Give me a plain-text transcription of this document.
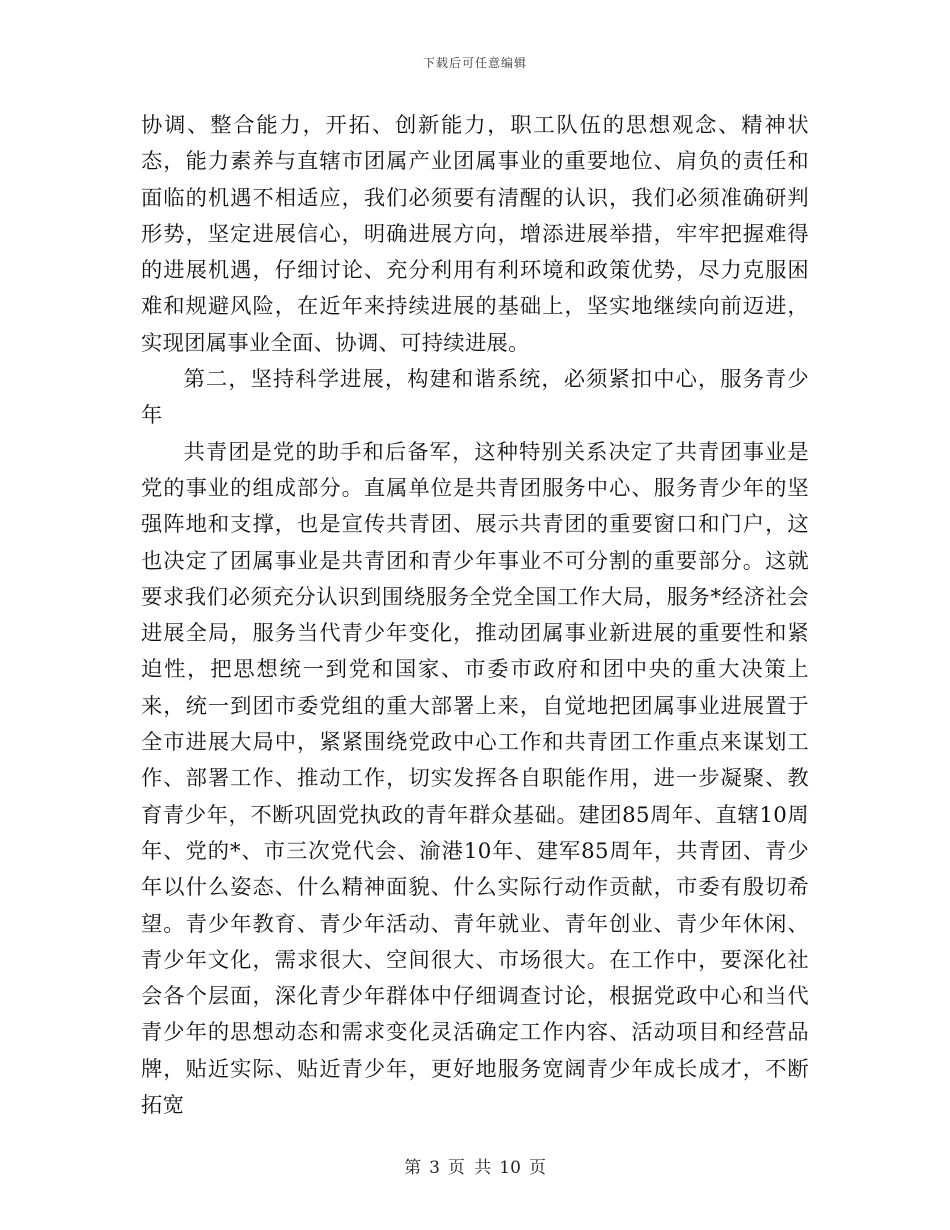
下载后可任意编辑

协调、整合能力，开拓、创新能力，职工队伍的思想观念、精神状态，能力素养与直辖市团属产业团属事业的重要地位、肩负的责任和面临的机遇不相适应，我们必须要有清醒的认识，我们必须准确研判形势，坚定进展信心，明确进展方向，增添进展举措，牢牢把握难得的进展机遇，仔细讨论、充分利用有利环境和政策优势，尽力克服困难和规避风险，在近年来持续进展的基础上，坚实地继续向前迈进，实现团属事业全面、协调、可持续进展。

第二，坚持科学进展，构建和谐系统，必须紧扣中心，服务青少年

共青团是党的助手和后备军，这种特别关系决定了共青团事业是党的事业的组成部分。直属单位是共青团服务中心、服务青少年的坚强阵地和支撑，也是宣传共青团、展示共青团的重要窗口和门户，这也决定了团属事业是共青团和青少年事业不可分割的重要部分。这就要求我们必须充分认识到围绕服务全党全国工作大局，服务*经济社会进展全局，服务当代青少年变化，推动团属事业新进展的重要性和紧迫性，把思想统一到党和国家、市委市政府和团中央的重大决策上来，统一到团市委党组的重大部署上来，自觉地把团属事业进展置于全市进展大局中，紧紧围绕党政中心工作和共青团工作重点来谋划工作、部署工作、推动工作，切实发挥各自职能作用，进一步凝聚、教育青少年，不断巩固党执政的青年群众基础。建团85周年、直辖10周年、党的*、市三次党代会、渝港10年、建军85周年，共青团、青少年以什么姿态、什么精神面貌、什么实际行动作贡献，市委有殷切希望。青少年教育、青少年活动、青年就业、青年创业、青少年休闲、青少年文化，需求很大、空间很大、市场很大。在工作中，要深化社会各个层面，深化青少年群体中仔细调查讨论，根据党政中心和当代青少年的思想动态和需求变化灵活确定工作内容、活动项目和经营品牌，贴近实际、贴近青少年，更好地服务宽阔青少年成长成才，不断拓宽

第 3 页 共 10 页
